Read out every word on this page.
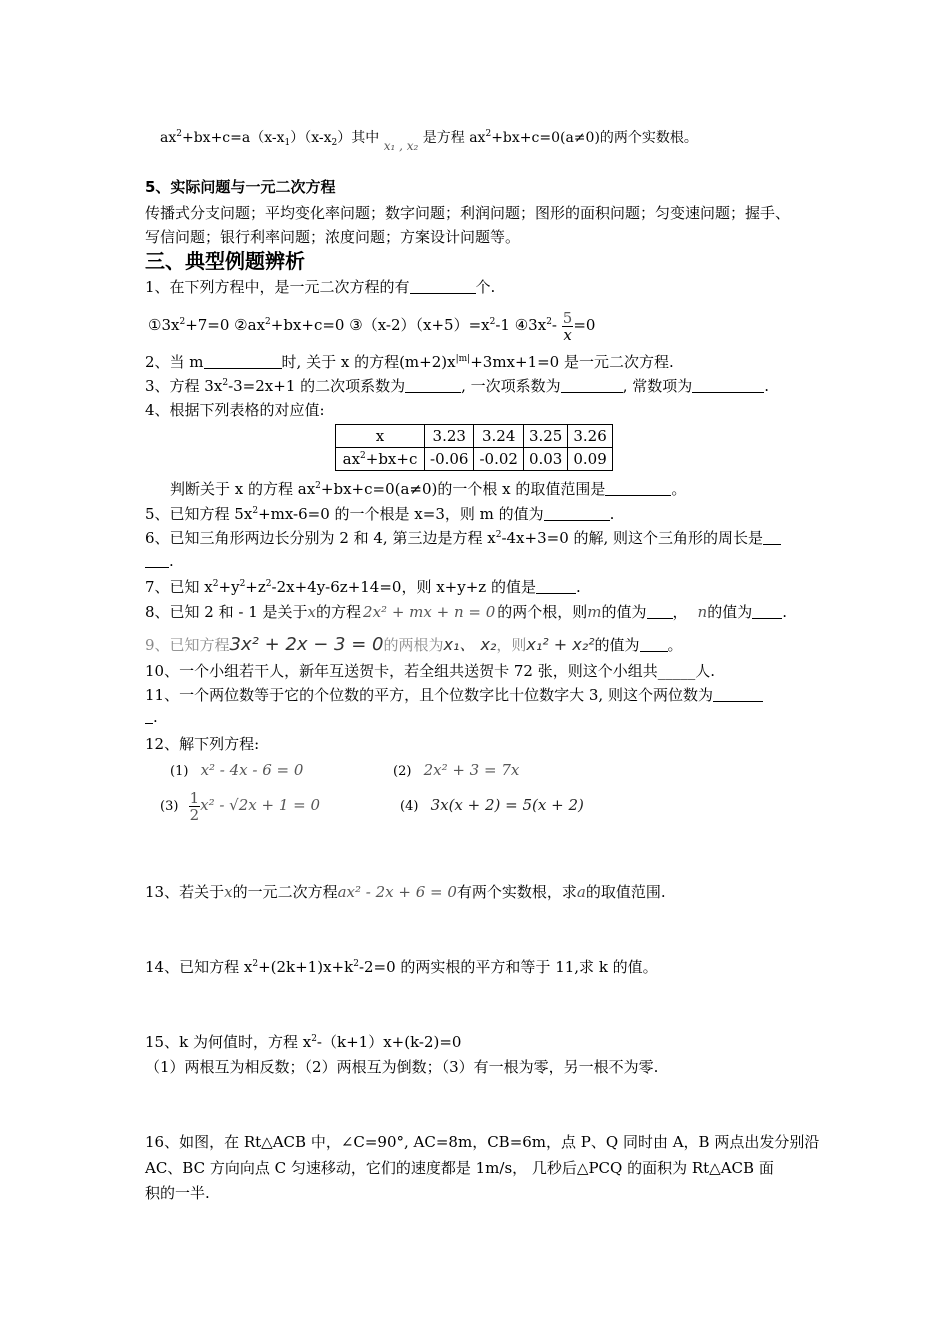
$ax^2+bx+c=a(x-x_1)(x-x_2)$其中 x₁ , x₂ 是方程 $ax^2+bx+c=0(a\ne 0)$的两个实数根。
5、实际问题与一元二次方程
传播式分支问题；平均变化率问题；数字问题；利润问题；图形的面积问题；匀变速问题；握手、
写信问题；银行利率问题；浓度问题；方案设计问题等。
三、典型例题辨析
1、在下列方程中，是一元二次方程的有	个.
$①3x^2+7=0$ $②ax^2+bx+c=0$ $③(x-2)(x+5)=x^2-1$ $④3x^2- \frac{5}{x} =0$
2、当 m	时, 关于 x 的方程$(m+2)x^{|m|}+3mx+1=0$ 是一元二次方程.
3、方程 $3x^2-3=2x+1$ 的二次项系数为	, 一次项系数为	, 常数项为	.
4、根据下列表格的对应值:
x	3.23	3.24	3.25	3.26
$ax^2+bx+c$	-0.06	-0.02	0.03	0.09
判断关于 x 的方程 $ax^2+bx+c=0(a\ne 0)$的一个根 x 的取值范围是	。
5、已知方程 $5x^2+mx-6=0$ 的一个根是 x=3，则 m 的值为	.
6、已知三角形两边长分别为 2 和 4, 第三边是方程 $x^2-4x+3=0$ 的解, 则这个三角形的周长是
.
7、已知 $x^2+y^2+z^2-2x+4y-6z+14=0$，则 x+y+z 的值是	.
8、已知 2 和 - 1 是关于x的方程 2x² + mx + n = 0 的两个根，则m的值为 ， n的值为 .
9、已知方程3x² + 2x − 3 = 0的两根为x₁、 x₂，则x₁² + x₂²的值为 。
10、一个小组若干人，新年互送贺卡，若全组共送贺卡 72 张，则这个小组共_____人.
11、一个两位数等于它的个位数的平方，且个位数字比十位数字大 3, 则这个两位数为
.
12、解下列方程:
(1) x² - 4x - 6 = 0	(2) 2x² + 3 = 7x
$(3) \frac{1}{2} x^2 - √2x + 1 = 0$	(4) 3x(x + 2) = 5(x + 2)
13、若关于x的一元二次方程ax² - 2x + 6 = 0有两个实数根，求a的取值范围.
14、已知方程 $x^2+(2k+1)x+k^2-2=0$ 的两实根的平方和等于 11,求 k 的值。
15、k 为何值时，方程 $x^2-(k+1)x+(k-2)=0$
（1）两根互为相反数；（2）两根互为倒数；（3）有一根为零，另一根不为零.
16、如图，在 Rt△ACB 中，∠C=90°, AC=8m，CB=6m，点 P、Q 同时由 A，B 两点出发分别沿
AC、BC 方向向点 C 匀速移动，它们的速度都是 1m/s， 几秒后△PCQ 的面积为 Rt△ACB 面
积的一半.
